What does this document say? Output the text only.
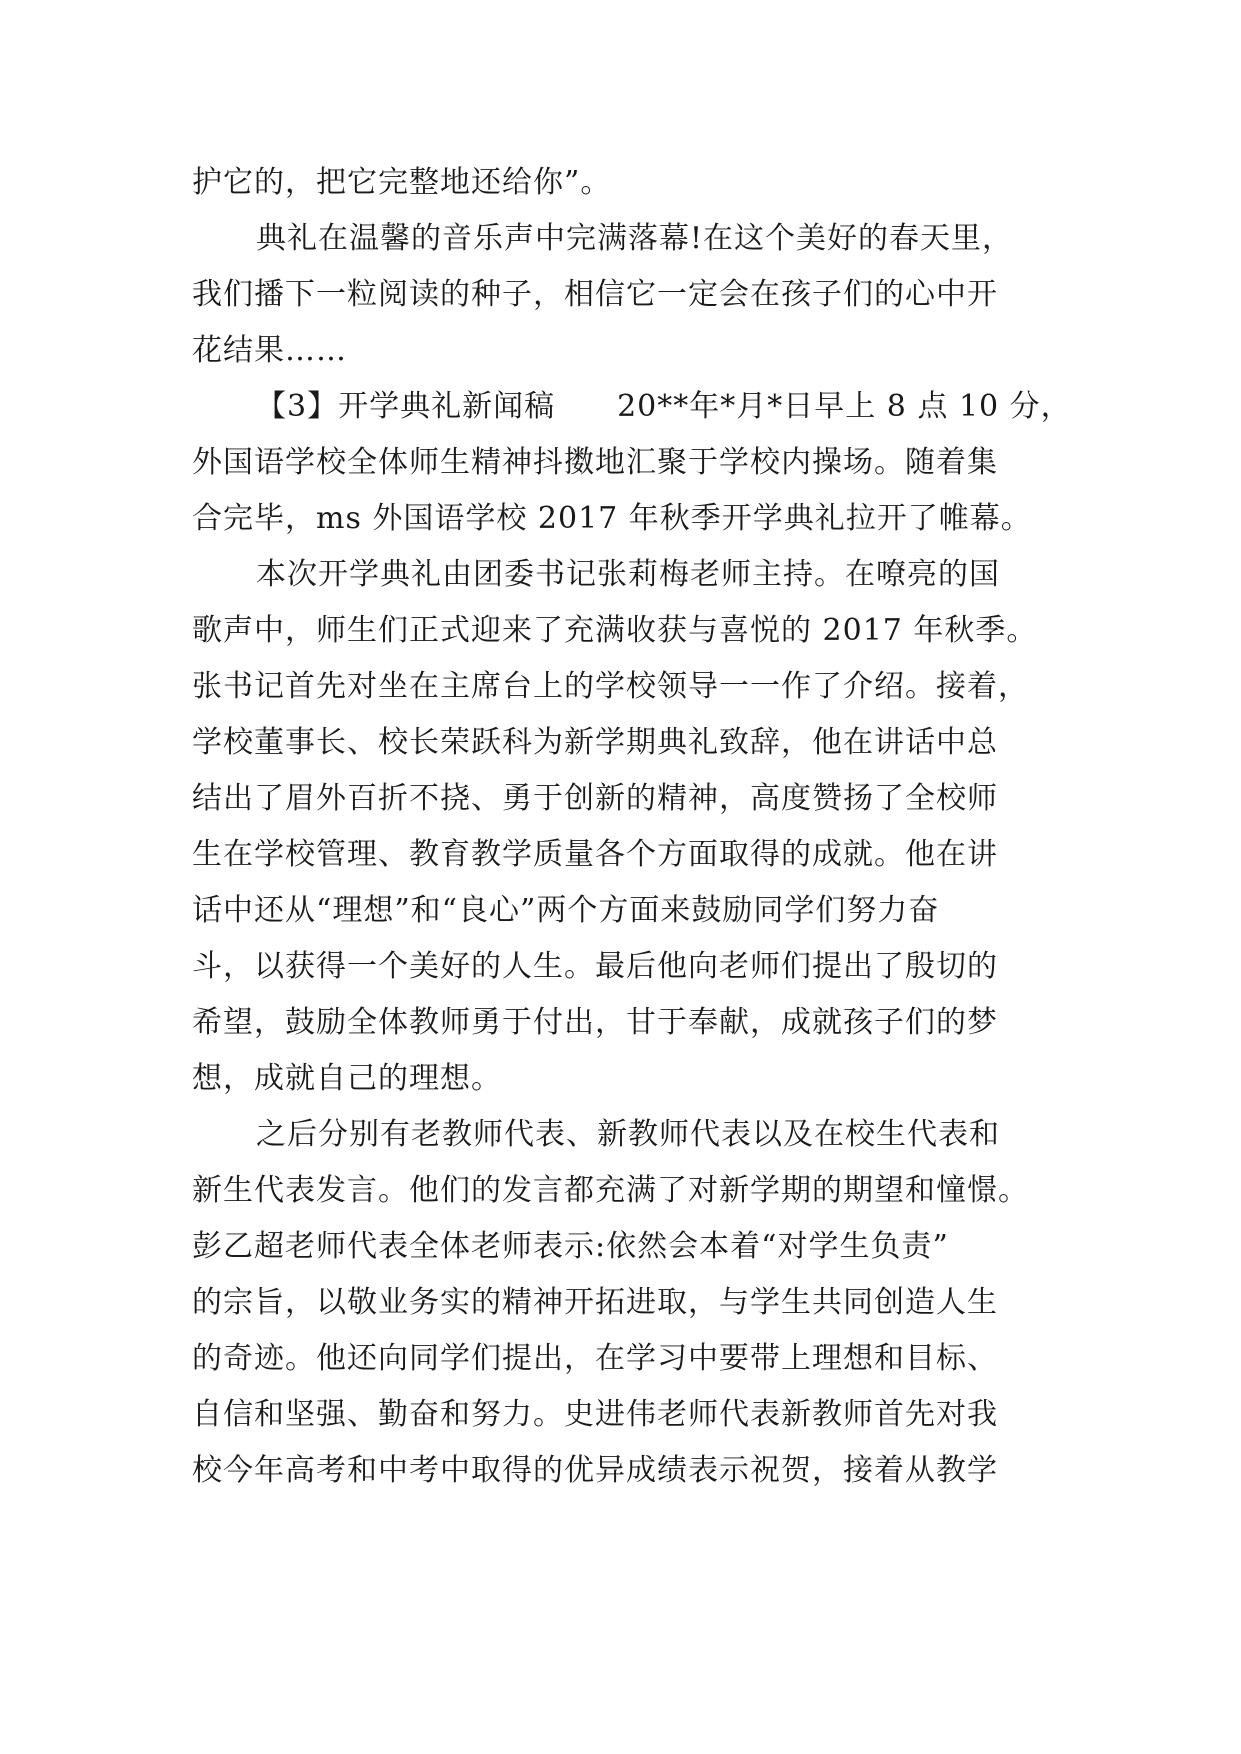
护它的，把它完整地还给你”。
典礼在温馨的音乐声中完满落幕!在这个美好的春天里，
我们播下一粒阅读的种子，相信它一定会在孩子们的心中开
花结果……
【3】开学典礼新闻稿　　20**年*月*日早上 8 点 10 分，
外国语学校全体师生精神抖擞地汇聚于学校内操场。随着集
合完毕，ms 外国语学校 2017 年秋季开学典礼拉开了帷幕。
本次开学典礼由团委书记张莉梅老师主持。在嘹亮的国
歌声中，师生们正式迎来了充满收获与喜悦的 2017 年秋季。
张书记首先对坐在主席台上的学校领导一一作了介绍。接着，
学校董事长、校长荣跃科为新学期典礼致辞，他在讲话中总
结出了眉外百折不挠、勇于创新的精神，高度赞扬了全校师
生在学校管理、教育教学质量各个方面取得的成就。他在讲
话中还从“理想”和“良心”两个方面来鼓励同学们努力奋
斗，以获得一个美好的人生。最后他向老师们提出了殷切的
希望，鼓励全体教师勇于付出，甘于奉献，成就孩子们的梦
想，成就自己的理想。
之后分别有老教师代表、新教师代表以及在校生代表和
新生代表发言。他们的发言都充满了对新学期的期望和憧憬。
彭乙超老师代表全体老师表示:依然会本着“对学生负责”
的宗旨，以敬业务实的精神开拓进取，与学生共同创造人生
的奇迹。他还向同学们提出，在学习中要带上理想和目标、
自信和坚强、勤奋和努力。史进伟老师代表新教师首先对我
校今年高考和中考中取得的优异成绩表示祝贺，接着从教学
